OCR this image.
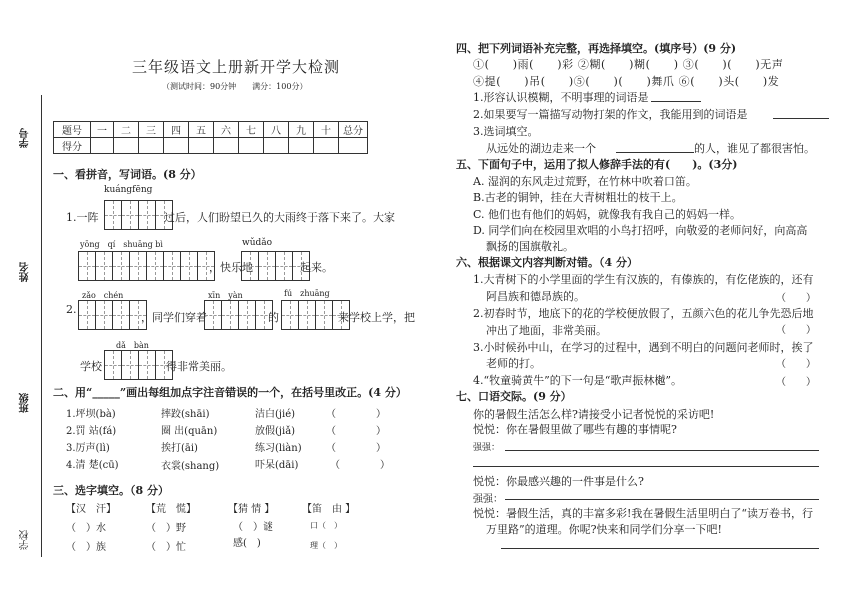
学号
姓名
班级
学校
三年级语文上册新开学大检测
（测试时间：90分钟　　满分：100分）
题号	一	二	三	四	五	六	七	八	九	十	总分
得分											
一、看拼音，写词语。(8 分）
kuángfēng
1.一阵	过后，人们盼望已久的大雨终于落下来了。大家
yōng　qí　shuāng bì	wǔdǎo
，快乐地	起来。
zǎo　chén	xīn　yàn	fú　zhuāng
2.
，同学们穿着	的	来学校上学，把
dǎ　bàn
学校	得非常美丽。
二、用“_____”画出每组加点字注音错误的一个，在括号里改正。(4 分）
1.坪坝(bà)	摔跤(shāi)	洁白(jié)	（　　　　）
2.罚 站(fá)	圈 出(quān)	放假(jiǎ)	（　　　　）
3.厉声(lì)	挨打(āi)	练习(liàn) （　　　　）
4.清 楚(cū)	衣裳(shang)	吓呆(dāi)	（　　　　）
三、选字填空。（8 分）
【汉　汗】
（　）水
（　）族
【荒　慌】
（　）野
（　）忙
【猜 情 】
（　）谜
感(　)
【笛　由 】
口（　）
理（　）
四、把下列词语补充完整，再选择填空。(填序号）(9 分)
①(　　)雨(　　)彩 ②糊(　　)糊(　　) ③(　　)(　　)无声
④提(　　)吊(　　)⑤(　　)(　　)舞爪 ⑥(　　)头(　　)发
1.形容认识模糊，不明事理的词语是
2.如果要写一篇描写动物打架的作文，我能用到的词语是
3.选词填空。
从远处的湖边走来一个	的人，谁见了都很害怕。
五、下面句子中，运用了拟人修辞手法的有(　　)。(3分)
A. 湿润的东风走过荒野，在竹林中吹着口笛。
B.古老的铜钟，挂在大青树粗壮的枝干上。
C. 他们也有他们的妈妈，就像我有我自己的妈妈一样。
D. 同学们向在校园里欢唱的小鸟打招呼，向敬爱的老师问好，向高高
飘扬的国旗敬礼。
六、根据课文内容判断对错。（4 分）
1.大青树下的小学里面的学生有汉族的，有傣族的，有仡佬族的，还有
阿昌族和德昂族的。	（　　）
2.初春时节，地底下的花的学校便放假了，五颜六色的花儿争先恐后地
冲出了地面，非常美丽。	（　　）
3.小时候孙中山，在学习的过程中，遇到不明白的问题问老师时，挨了
老师的打。	（　　）
4.“牧童骑黄牛”的下一句是“歌声振林樾”。	（　　）
七、口语交际。(9 分）
你的暑假生活怎么样?请接受小记者悦悦的采访吧!
悦悦：你在暑假里做了哪些有趣的事情呢?
强强：
悦悦：你最感兴趣的一件事是什么?
强强：
悦悦：暑假生活，真的丰富多彩!我在暑假生活里明白了“读万卷书，行
万里路”的道理。你呢?快来和同学们分享一下吧!
